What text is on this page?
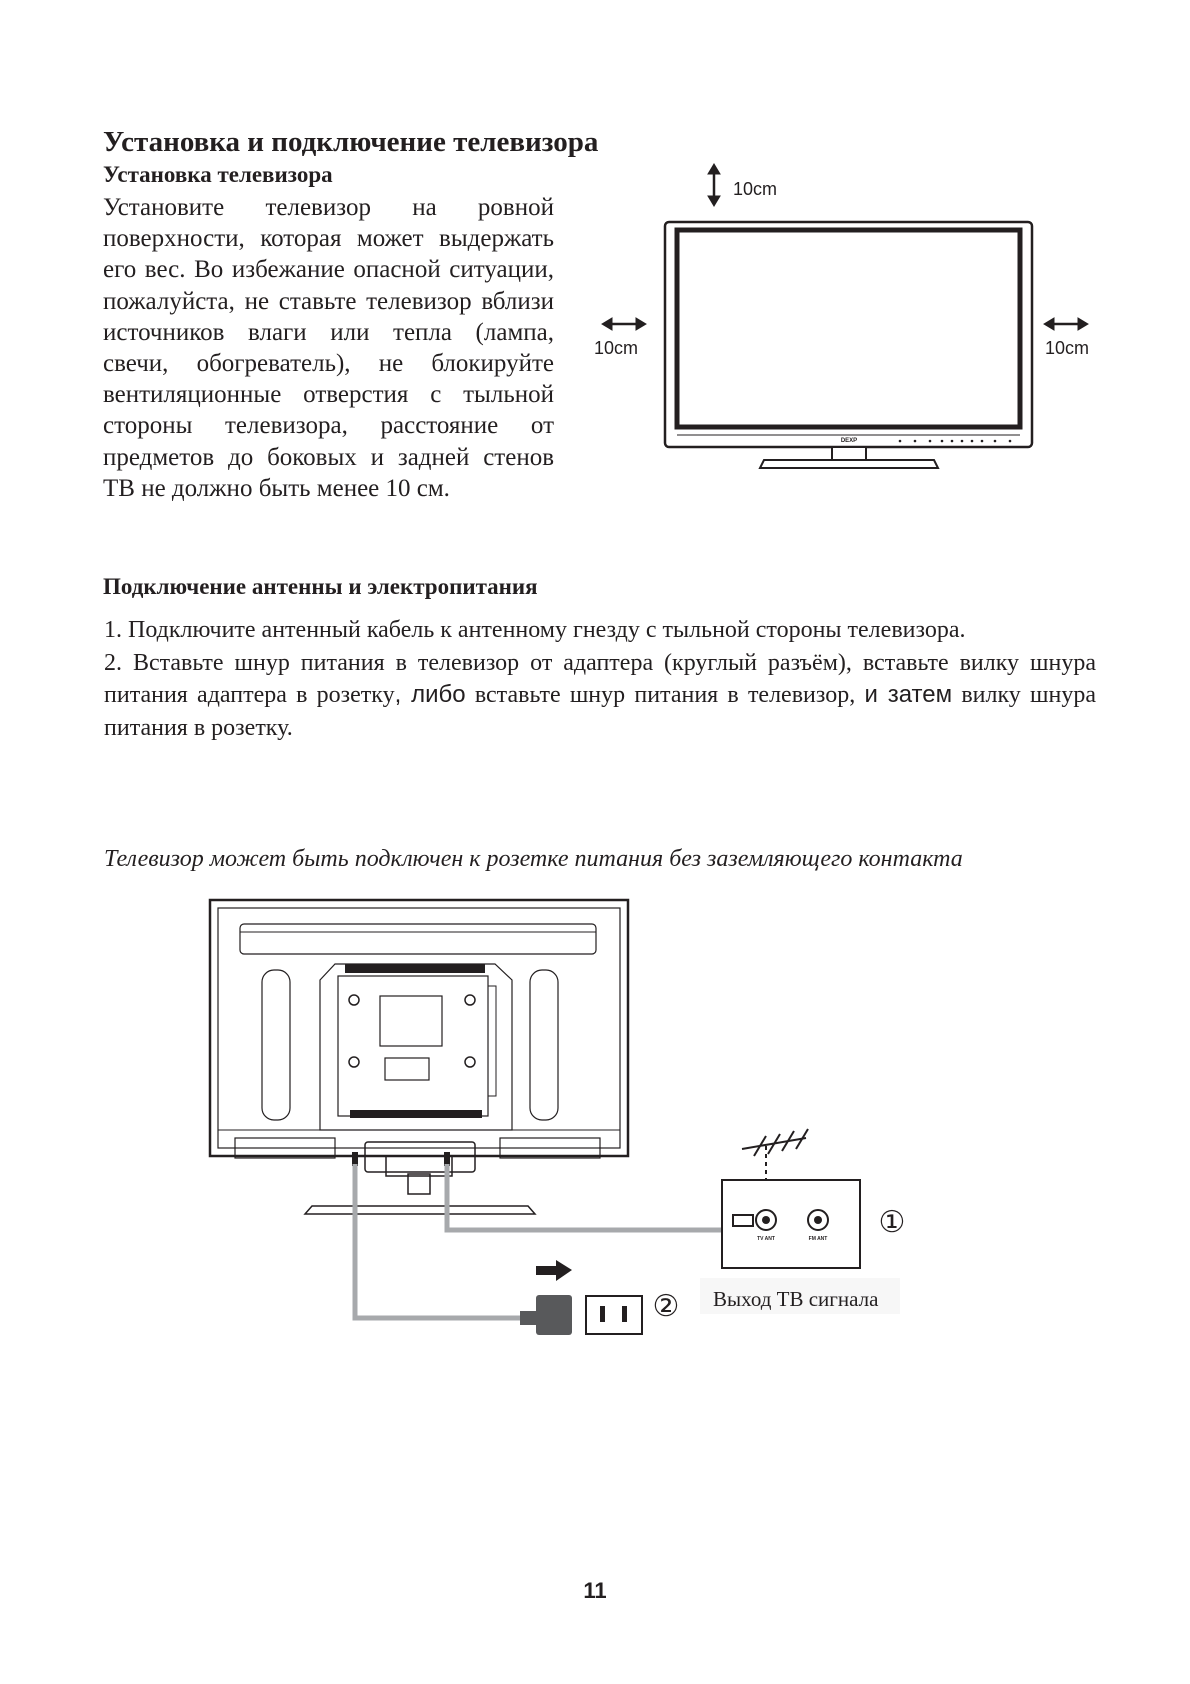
Установка и подключение телевизора
Установка телевизора

Установите телевизор на ровной поверхности, которая может выдержать его вес. Во избежание опасной ситуации, пожалуйста, не ставьте телевизор вблизи источников влаги или тепла (лампа, свечи, обогреватель), не блокируйте вентиляционные отверстия с тыльной стороны телевизора, расстояние от предметов до боковых и задней стенов ТВ не должно быть менее 10 см.

10cm
10cm	10cm
DEXP
Подключение антенны и электропитания

1. Подключите антенный кабель к антенному гнезду с тыльной стороны телевизора.

2. Вставьте шнур питания в телевизор от адаптера (круглый разъём), вставьте вилку шнура питания адаптера в розетку, либо вставьте шнур питания в телевизор, и затем вилку шнура питания в розетку.

Телевизор может быть подключен к розетке питания без заземляющего контакта

TV ANT	FM ANT ①
② Выход ТВ сигнала
11
